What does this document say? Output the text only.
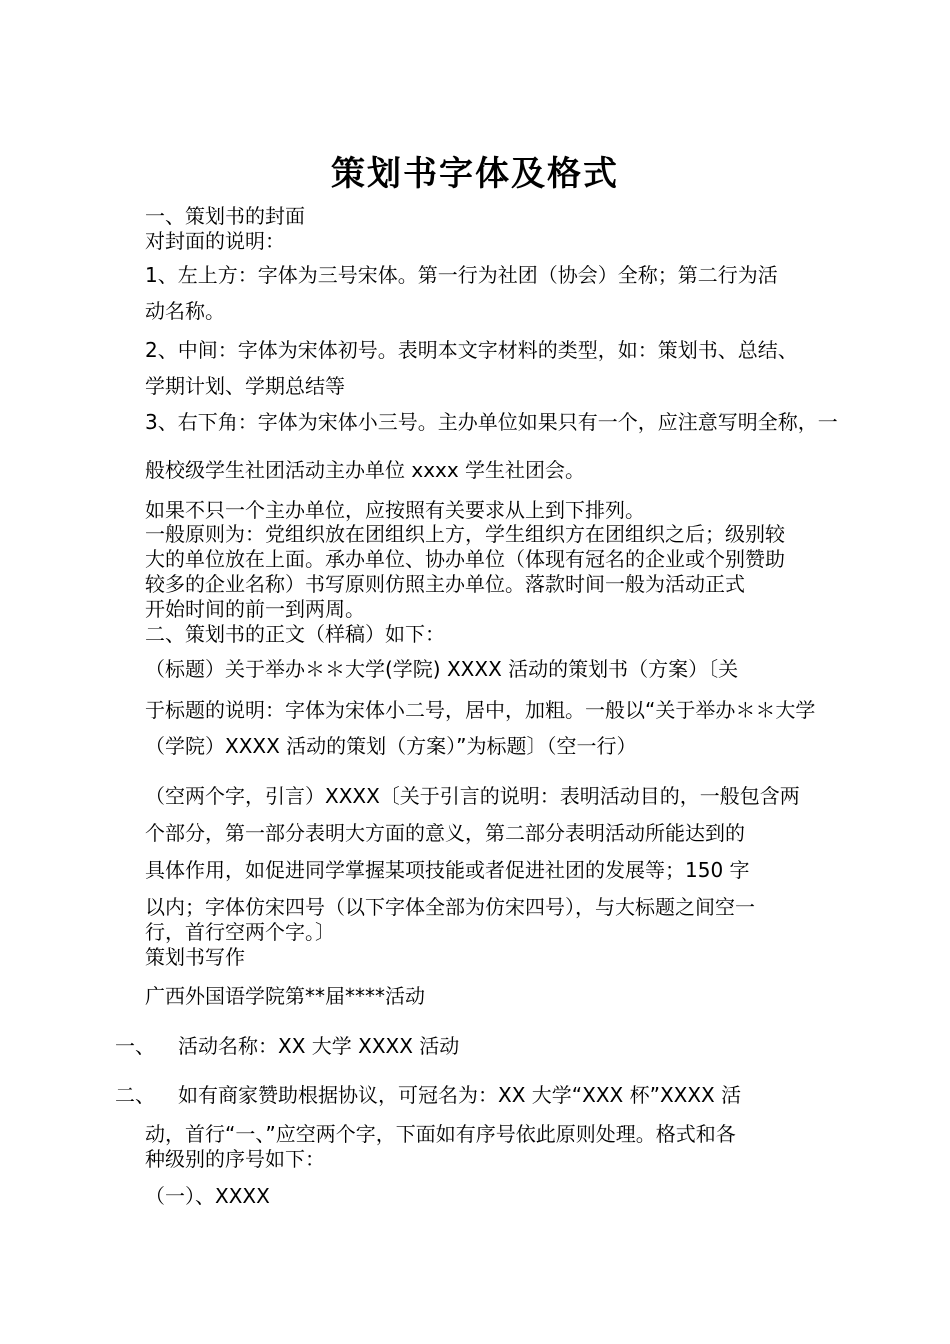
策划书字体及格式
一、策划书的封面
对封面的说明：
1、左上方：字体为三号宋体。第一行为社团（协会）全称；第二行为活
动名称。
2、中间：字体为宋体初号。表明本文字材料的类型，如：策划书、总结、
学期计划、学期总结等
3、右下角：字体为宋体小三号。主办单位如果只有一个，应注意写明全称，一
般校级学生社团活动主办单位 xxxx 学生社团会。
如果不只一个主办单位，应按照有关要求从上到下排列。
一般原则为：党组织放在团组织上方，学生组织方在团组织之后；级别较
大的单位放在上面。承办单位、协办单位（体现有冠名的企业或个别赞助
较多的企业名称）书写原则仿照主办单位。落款时间一般为活动正式
开始时间的前一到两周。
二、策划书的正文（样稿）如下：
（标题）关于举办＊＊大学(学院) XXXX 活动的策划书（方案）〔关
于标题的说明：字体为宋体小二号，居中，加粗。一般以“关于举办＊＊大学
（学院）XXXX 活动的策划（方案）”为标题〕（空一行）
（空两个字，引言）XXXX〔关于引言的说明：表明活动目的，一般包含两
个部分，第一部分表明大方面的意义，第二部分表明活动所能达到的
具体作用，如促进同学掌握某项技能或者促进社团的发展等；150 字
以内；字体仿宋四号（以下字体全部为仿宋四号），与大标题之间空一
行，首行空两个字。〕
策划书写作
广西外国语学院第**届****活动
一、 活动名称：XX 大学 XXXX 活动
二、 如有商家赞助根据协议，可冠名为：XX 大学“XXX 杯”XXXX 活
动，首行“一、”应空两个字，下面如有序号依此原则处理。格式和各
种级别的序号如下：
（一）、XXXX
